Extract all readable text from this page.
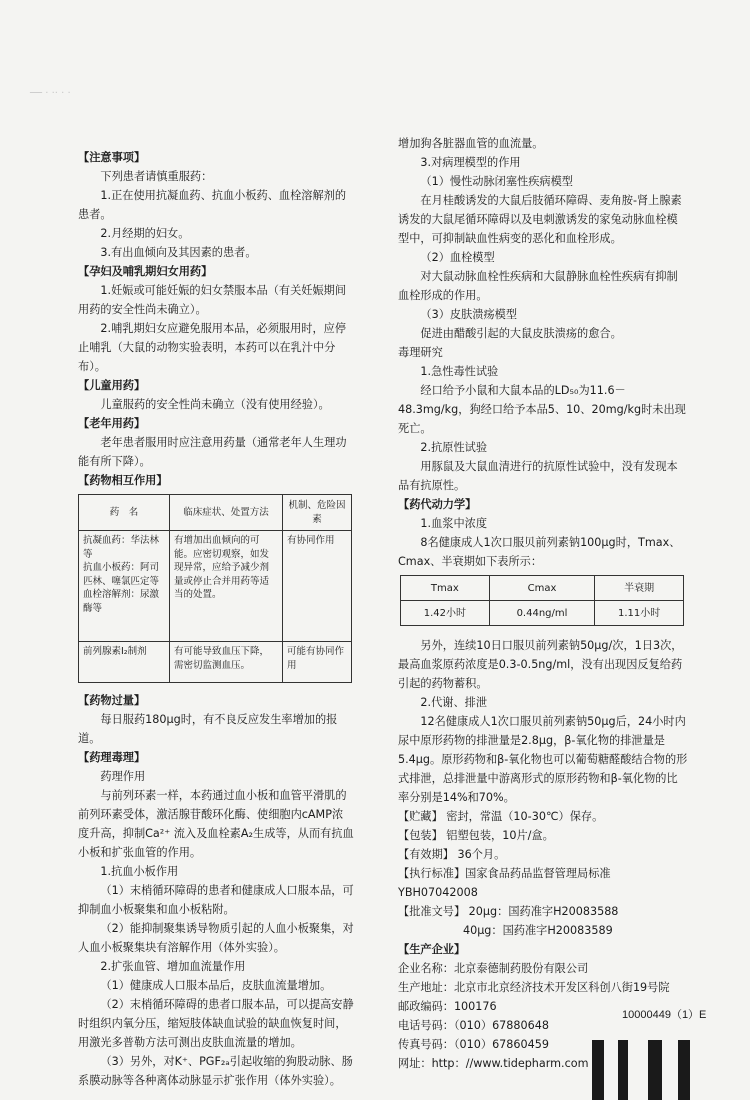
── · ·· · ·

【注意事项】

下列患者请慎重服药：

1.正在使用抗凝血药、抗血小板药、血栓溶解剂的患者。

2.月经期的妇女。

3.有出血倾向及其因素的患者。

【孕妇及哺乳期妇女用药】

1.妊娠或可能妊娠的妇女禁服本品（有关妊娠期间用药的安全性尚未确立）。

2.哺乳期妇女应避免服用本品，必须服用时，应停止哺乳（大鼠的动物实验表明，本药可以在乳汁中分布）。

【儿童用药】

儿童服药的安全性尚未确立（没有使用经验）。

【老年用药】

老年患者服用时应注意用药量（通常老年人生理功能有所下降）。

【药物相互作用】

药　名	临床症状、处置方法	机制、危险因素
抗凝血药：华法林等
抗血小板药：阿司匹林、噻氯匹定等
血栓溶解剂：尿激酶等	有增加出血倾向的可能。应密切观察，如发现异常，应给予减少剂量或停止合并用药等适当的处置。	有协同作用
前列腺素I₂制剂	有可能导致血压下降，需密切监测血压。	可能有协同作用

【药物过量】

每日服药180μg时，有不良反应发生率增加的报道。

【药理毒理】

药理作用

与前列环素一样，本药通过血小板和血管平滑肌的前列环素受体，激活腺苷酸环化酶、使细胞内cAMP浓度升高，抑制Ca²⁺ 流入及血栓素A₂生成等，从而有抗血小板和扩张血管的作用。

1.抗血小板作用

（1）末梢循环障碍的患者和健康成人口服本品，可抑制血小板聚集和血小板粘附。

（2）能抑制聚集诱导物质引起的人血小板聚集，对人血小板聚集块有溶解作用（体外实验）。

2.扩张血管、增加血流量作用

（1）健康成人口服本品后，皮肤血流量增加。

（2）末梢循环障碍的患者口服本品，可以提高安静时组织内氧分压，缩短肢体缺血试验的缺血恢复时间，用激光多普勒方法可测出皮肤血流量的增加。

（3）另外，对K⁺、PGF₂ₐ引起收缩的狗股动脉、肠系膜动脉等各种离体动脉显示扩张作用（体外实验）。

增加狗各脏器血管的血流量。

3.对病理模型的作用

（1）慢性动脉闭塞性疾病模型

在月桂酸诱发的大鼠后肢循环障碍、麦角胺-肾上腺素诱发的大鼠尾循环障碍以及电刺激诱发的家兔动脉血栓模型中，可抑制缺血性病变的恶化和血栓形成。

（2）血栓模型

对大鼠动脉血栓性疾病和大鼠静脉血栓性疾病有抑制血栓形成的作用。

（3）皮肤溃疡模型

促进由醋酸引起的大鼠皮肤溃疡的愈合。

毒理研究

1.急性毒性试验

经口给予小鼠和大鼠本品的LD₅₀为11.6－48.3mg/kg，狗经口给予本品5、10、20mg/kg时未出现死亡。

2.抗原性试验

用豚鼠及大鼠血清进行的抗原性试验中，没有发现本品有抗原性。

【药代动力学】

1.血浆中浓度

8名健康成人1次口服贝前列素钠100μg时，Tmax、Cmax、半衰期如下表所示：

Tmax	Cmax	半衰期
1.42小时	0.44ng/ml	1.11小时

另外，连续10日口服贝前列素钠50μg/次，1日3次，最高血浆原药浓度是0.3-0.5ng/ml，没有出现因反复给药引起的药物蓄积。

2.代谢、排泄

12名健康成人1次口服贝前列素钠50μg后，24小时内尿中原形药物的排泄量是2.8μg，β-氧化物的排泄量是5.4μg。原形药物和β-氧化物也可以葡萄糖醛酸结合物的形式排泄，总排泄量中游离形式的原形药物和β-氧化物的比率分别是14%和70%。

【贮藏】 密封，常温（10-30℃）保存。

【包装】 铝塑包装，10片/盒。

【有效期】 36个月。

【执行标准】国家食品药品监督管理局标准YBH07042008

【批准文号】 20μg：国药准字H20083588

40μg：国药准字H20083589

【生产企业】

企业名称：北京泰德制药股份有限公司

生产地址：北京市北京经济技术开发区科创八街19号院

邮政编码：100176

电话号码：（010）67880648

传真号码：（010）67860459

网址：http：//www.tidepharm.com

10000449（1）E
